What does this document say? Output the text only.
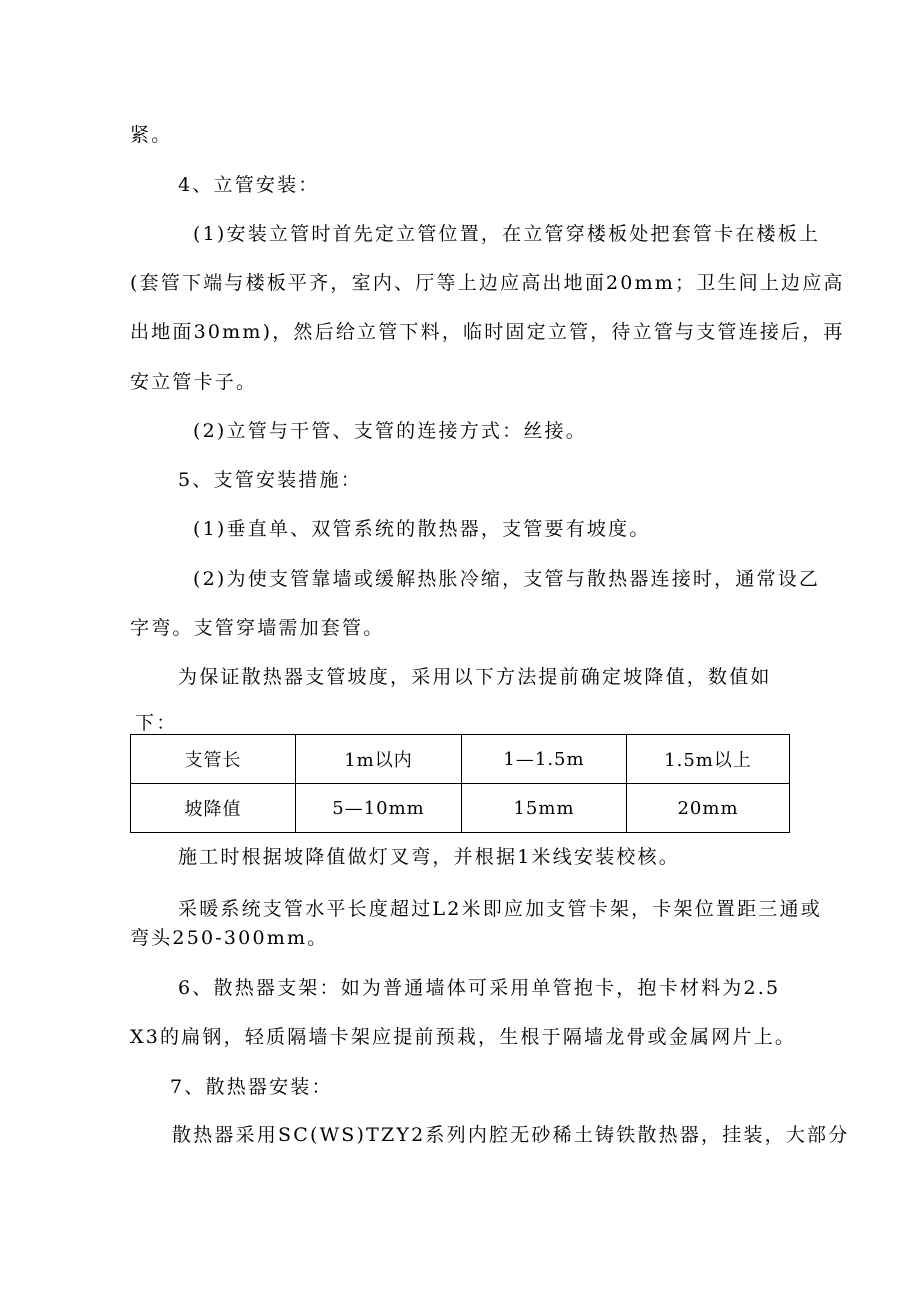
紧。
4、立管安装：
(1)安装立管时首先定立管位置，在立管穿楼板处把套管卡在楼板上
(套管下端与楼板平齐，室内、厅等上边应高出地面20mm；卫生间上边应高
出地面30mm)，然后给立管下料，临时固定立管，待立管与支管连接后，再
安立管卡子。
(2)立管与干管、支管的连接方式：丝接。
5、支管安装措施：
(1)垂直单、双管系统的散热器，支管要有坡度。
(2)为使支管靠墙或缓解热胀冷缩，支管与散热器连接时，通常设乙
字弯。支管穿墙需加套管。
为保证散热器支管坡度，采用以下方法提前确定坡降值，数值如
下：
支管长	1m以内	1—1.5m	1.5m以上
坡降值	5—10mm	15mm	20mm
施工时根据坡降值做灯叉弯，并根据1米线安装校核。
采暖系统支管水平长度超过L2米即应加支管卡架，卡架位置距三通或
弯头250-300mm。
6、散热器支架：如为普通墙体可采用单管抱卡，抱卡材料为2.5
X3的扁钢，轻质隔墙卡架应提前预栽，生根于隔墙龙骨或金属网片上。
7、散热器安装：
散热器采用SC(WS)TZY2系列内腔无砂稀土铸铁散热器，挂装，大部分
